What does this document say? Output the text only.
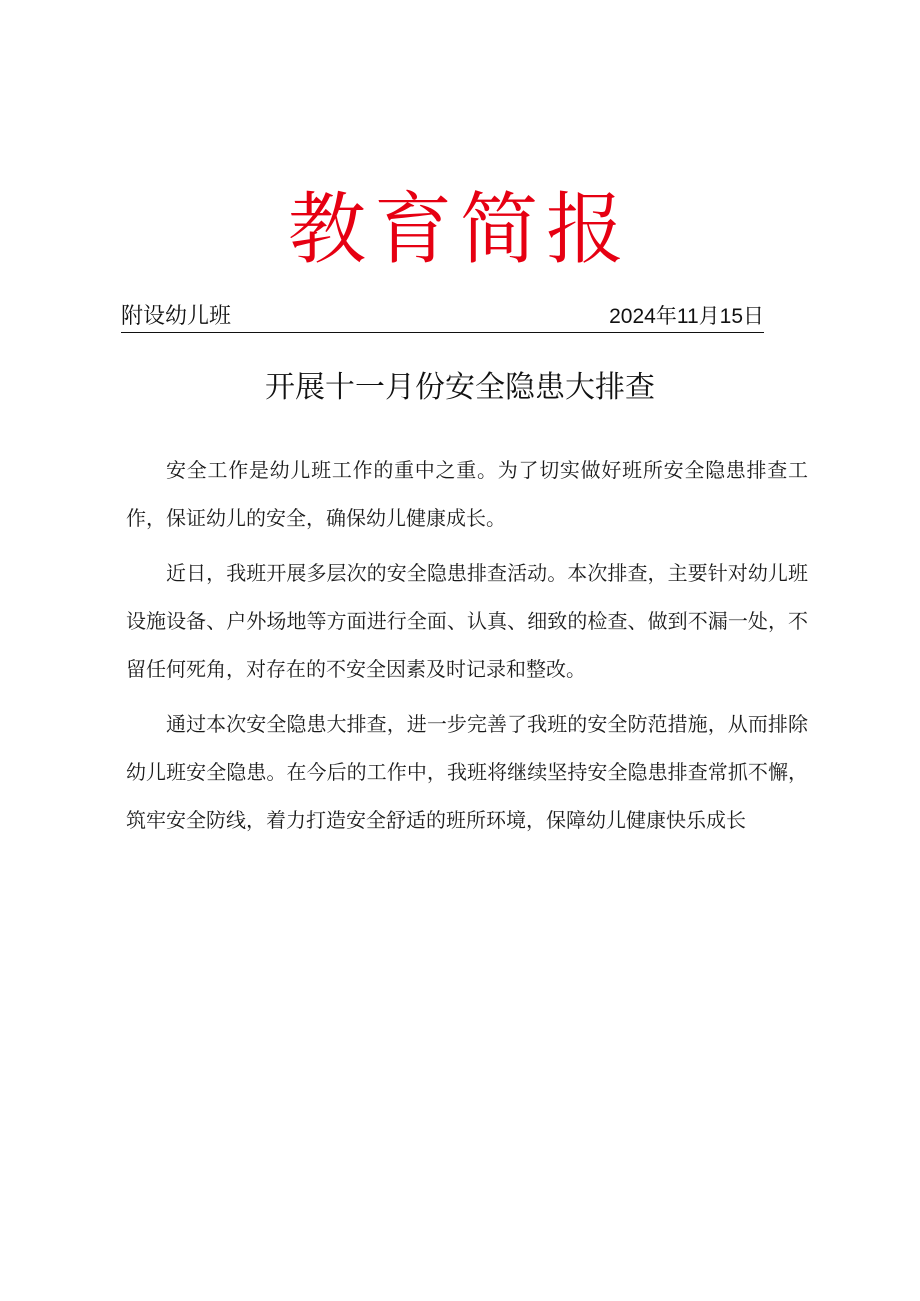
教育简报
附设幼儿班	2024年11月15日
开展十一月份安全隐患大排查

安全工作是幼儿班工作的重中之重。为了切实做好班所安全隐患排查工作，保证幼儿的安全，确保幼儿健康成长。

近日，我班开展多层次的安全隐患排查活动。本次排查，主要针对幼儿班设施设备、户外场地等方面进行全面、认真、细致的检查、做到不漏一处，不留任何死角，对存在的不安全因素及时记录和整改。

通过本次安全隐患大排查，进一步完善了我班的安全防范措施，从而排除幼儿班安全隐患。在今后的工作中，我班将继续坚持安全隐患排查常抓不懈，筑牢安全防线，着力打造安全舒适的班所环境，保障幼儿健康快乐成长
